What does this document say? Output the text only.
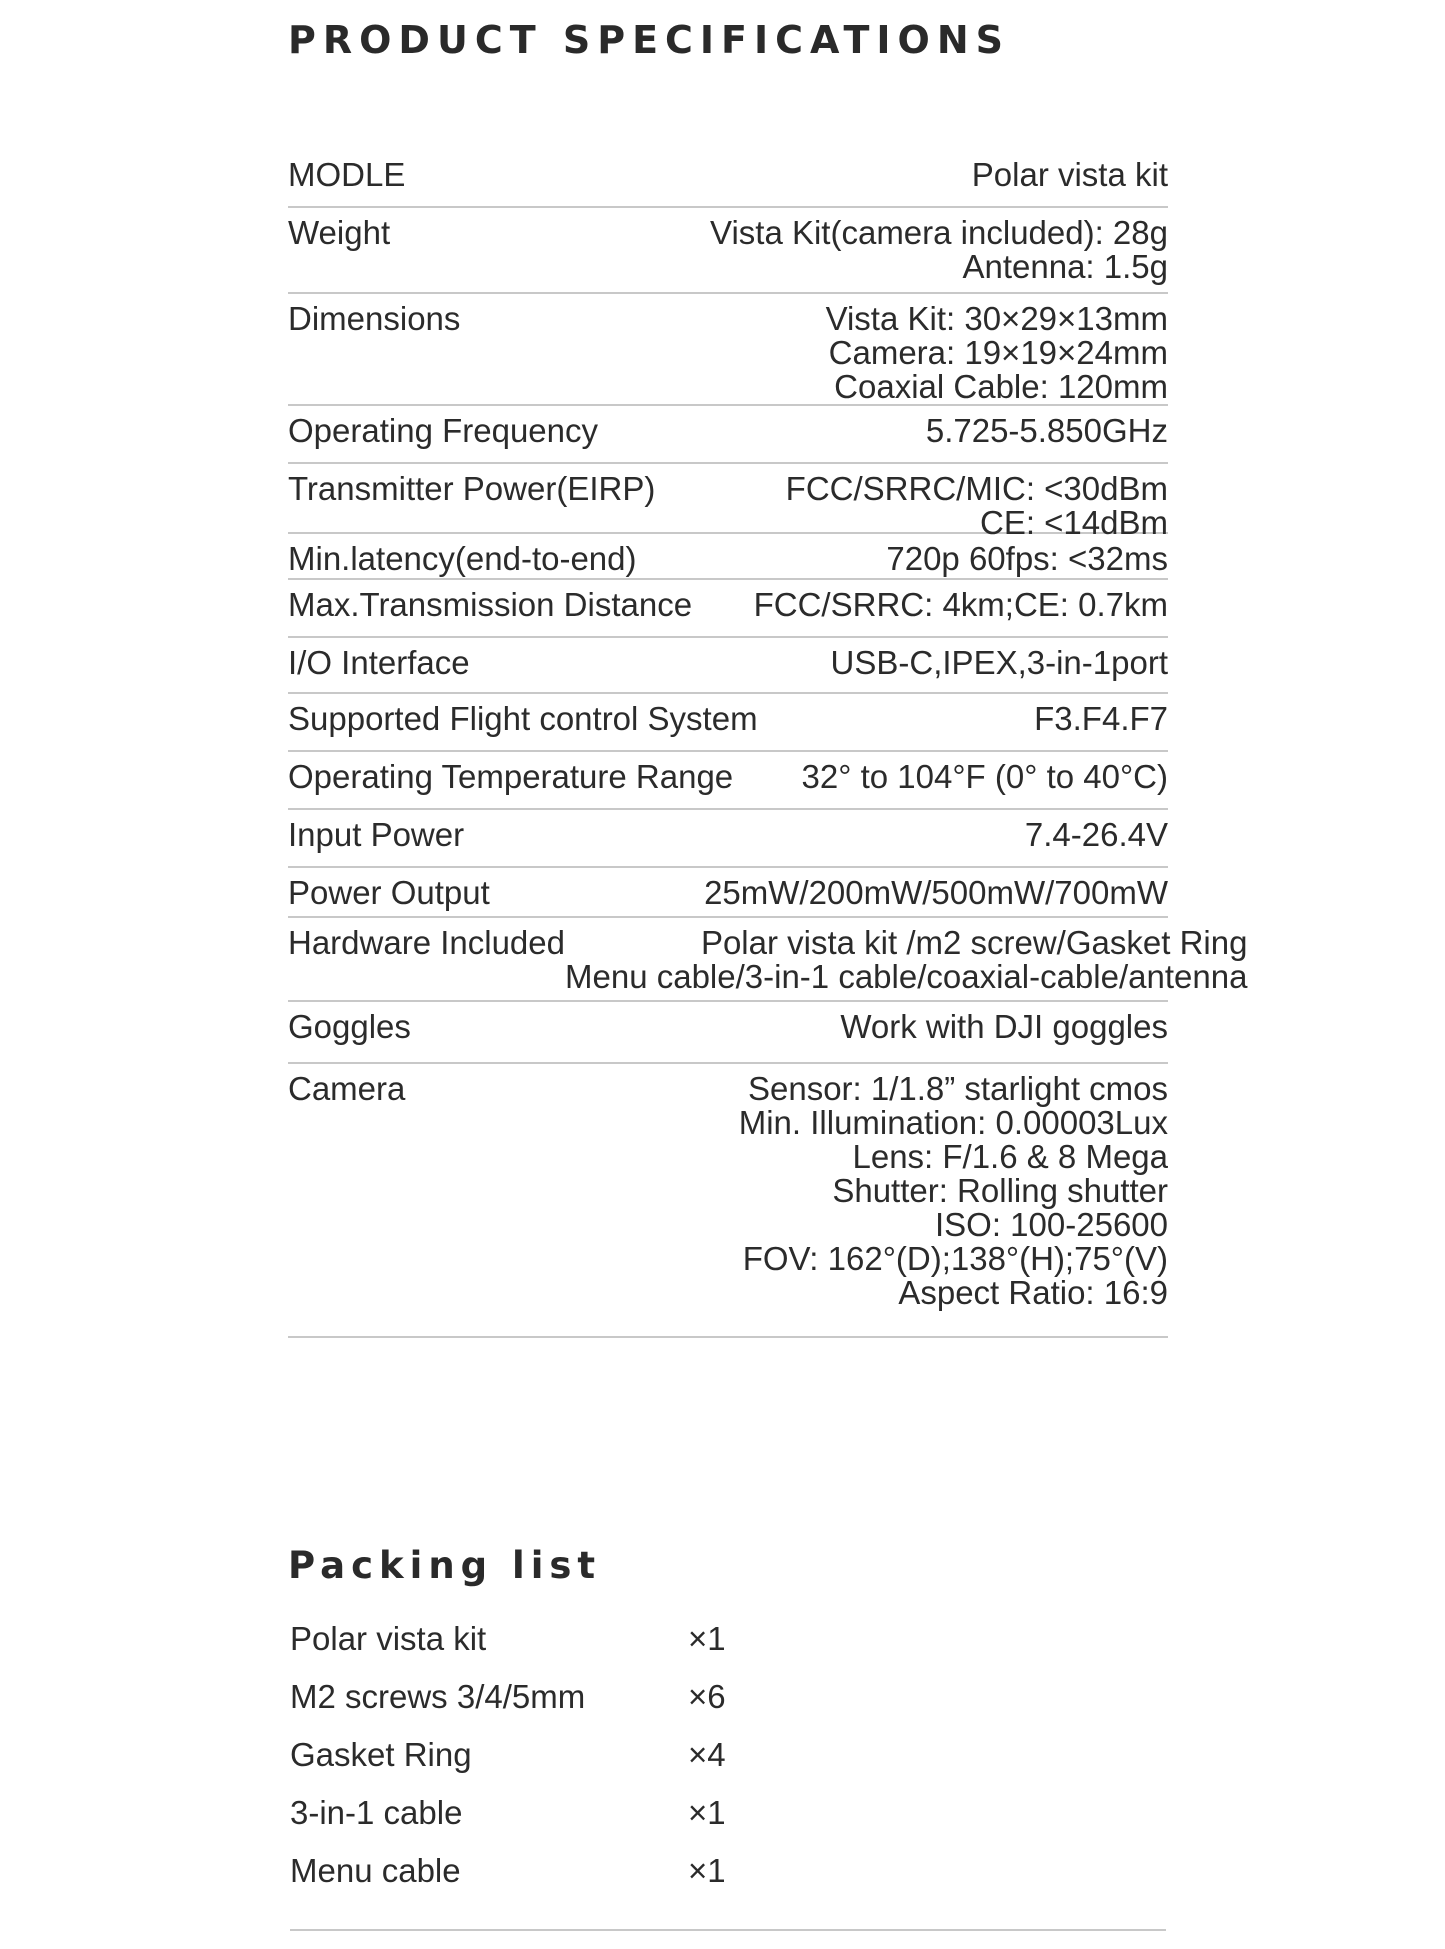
PRODUCT SPECIFICATIONS
MODLE	Polar vista kit
Weight	Vista Kit(camera included): 28g
Antenna: 1.5g
Dimensions	Vista Kit: 30×29×13mm
Camera: 19×19×24mm
Coaxial Cable: 120mm
Operating Frequency	5.725-5.850GHz
Transmitter Power(EIRP)	FCC/SRRC/MIC: <30dBm
CE: <14dBm
Min.latency(end-to-end)	720p 60fps: <32ms
Max.Transmission Distance FCC/SRRC: 4km;CE: 0.7km
I/O Interface	USB-C,IPEX,3-in-1port
Supported Flight control System	F3.F4.F7
Operating Temperature Range 32° to 104°F (0° to 40°C)
Input Power	7.4-26.4V
Power Output	25mW/200mW/500mW/700mW
Hardware Included	Polar vista kit /m2 screw/Gasket Ring
Menu cable/3-in-1 cable/coaxial-cable/antenna
Goggles	Work with DJI goggles
Camera	Sensor: 1/1.8” starlight cmos
Min. Illumination: 0.00003Lux
Lens: F/1.6 & 8 Mega
Shutter: Rolling shutter
ISO: 100-25600
FOV: 162°(D);138°(H);75°(V)
Aspect Ratio: 16:9
Packing list
Polar vista kit	×1
M2 screws 3/4/5mm	×6
Gasket Ring	×4
3-in-1 cable	×1
Menu cable	×1
